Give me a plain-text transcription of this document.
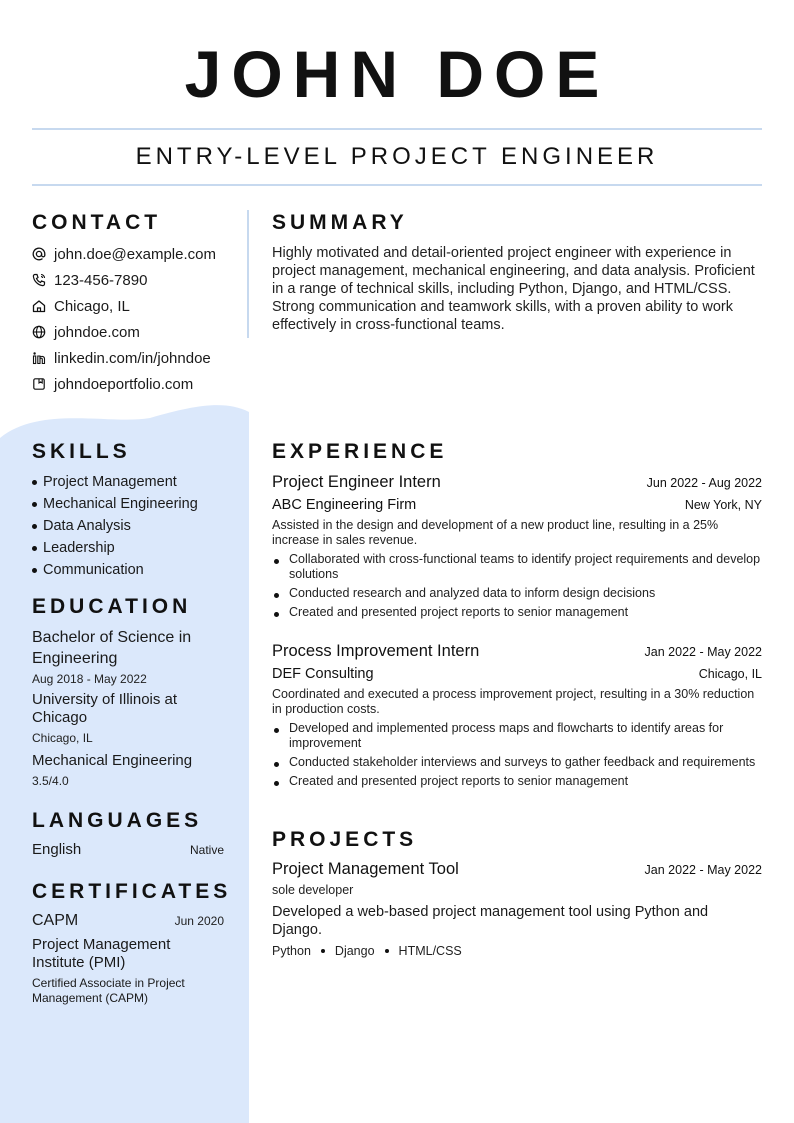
JOHN DOE
ENTRY-LEVEL PROJECT ENGINEER
CONTACT
john.doe@example.com
123-456-7890
Chicago, IL
johndoe.com
linkedin.com/in/johndoe
johndoeportfolio.com
SUMMARY
Highly motivated and detail-oriented project engineer with experience in project management, mechanical engineering, and data analysis. Proficient in a range of technical skills, including Python, Django, and HTML/CSS. Strong communication and teamwork skills, with a proven ability to work effectively in cross-functional teams.
SKILLS
Project Management
Mechanical Engineering
Data Analysis
Leadership
Communication
EDUCATION
Bachelor of Science in Engineering
Aug 2018 - May 2022
University of Illinois at Chicago
Chicago, IL
Mechanical Engineering
3.5/4.0
LANGUAGES
English	Native
CERTIFICATES
CAPM	Jun 2020
Project Management Institute (PMI)
Certified Associate in Project Management (CAPM)
EXPERIENCE
Project Engineer Intern	Jun 2022 - Aug 2022
ABC Engineering Firm	New York, NY
Assisted in the design and development of a new product line, resulting in a 25% increase in sales revenue.
Collaborated with cross-functional teams to identify project requirements and develop solutions
Conducted research and analyzed data to inform design decisions
Created and presented project reports to senior management
Process Improvement Intern	Jan 2022 - May 2022
DEF Consulting	Chicago, IL
Coordinated and executed a process improvement project, resulting in a 30% reduction in production costs.
Developed and implemented process maps and flowcharts to identify areas for improvement
Conducted stakeholder interviews and surveys to gather feedback and requirements
Created and presented project reports to senior management
PROJECTS
Project Management Tool	Jan 2022 - May 2022
sole developer
Developed a web-based project management tool using Python and Django.
Python Django HTML/CSS
